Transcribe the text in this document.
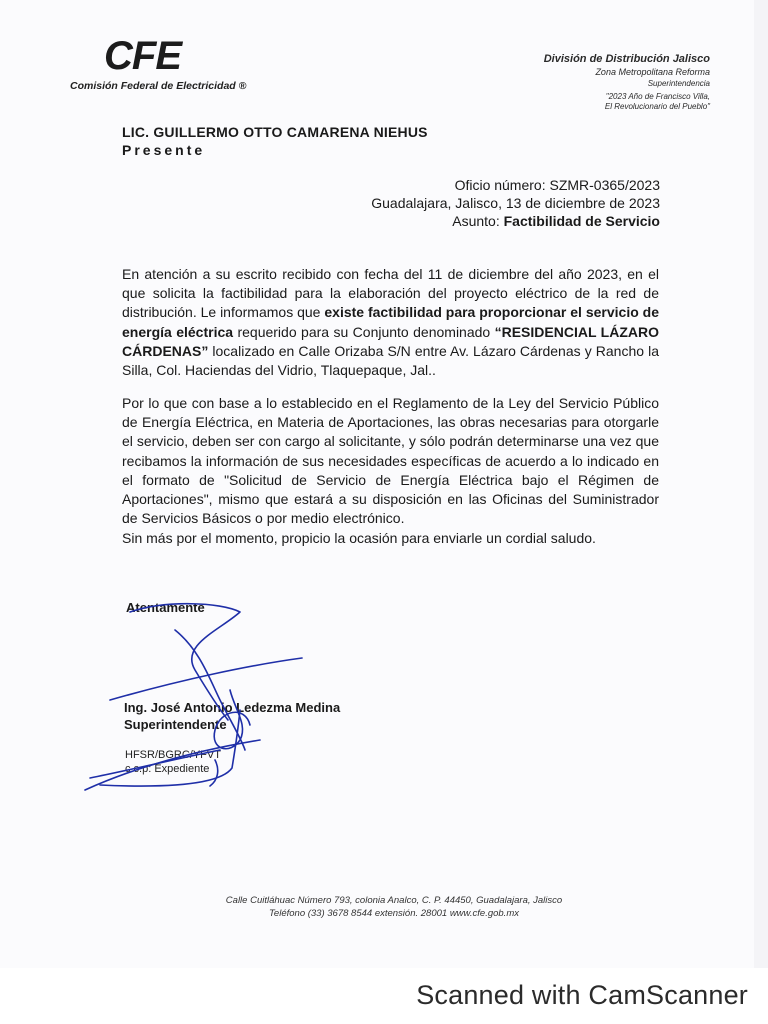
CFE
Comisión Federal de Electricidad ®
División de Distribución Jalisco
Zona Metropolitana Reforma
Superintendencia
"2023 Año de Francisco Villa,
El Revolucionario del Pueblo"
LIC. GUILLERMO OTTO CAMARENA NIEHUS
Presente
Oficio número: SZMR-0365/2023
Guadalajara, Jalisco, 13 de diciembre de 2023
Asunto: Factibilidad de Servicio
En atención a su escrito recibido con fecha del 11 de diciembre del año 2023, en el que solicita la factibilidad para la elaboración del proyecto eléctrico de la red de distribución. Le informamos que existe factibilidad para proporcionar el servicio de energía eléctrica requerido para su Conjunto denominado “RESIDENCIAL LÁZARO CÁRDENAS” localizado en Calle Orizaba S/N entre Av. Lázaro Cárdenas y Rancho la Silla, Col. Haciendas del Vidrio, Tlaquepaque, Jal..
Por lo que con base a lo establecido en el Reglamento de la Ley del Servicio Público de Energía Eléctrica, en Materia de Aportaciones, las obras necesarias para otorgarle el servicio, deben ser con cargo al solicitante, y sólo podrán determinarse una vez que recibamos la información de sus necesidades específicas de acuerdo a lo indicado en el formato de "Solicitud de Servicio de Energía Eléctrica bajo el Régimen de Aportaciones", mismo que estará a su disposición en las Oficinas del Suministrador de Servicios Básicos o por medio electrónico.
Sin más por el momento, propicio la ocasión para enviarle un cordial saludo.
Atentamente
Ing. José Antonio Ledezma Medina
Superintendente
HFSR/BGRC/YFVT
c.c.p: Expediente
Calle Cuitláhuac Número 793, colonia Analco, C. P. 44450, Guadalajara, Jalisco
Teléfono (33) 3678 8544 extensión. 28001 www.cfe.gob.mx
Scanned with CamScanner
